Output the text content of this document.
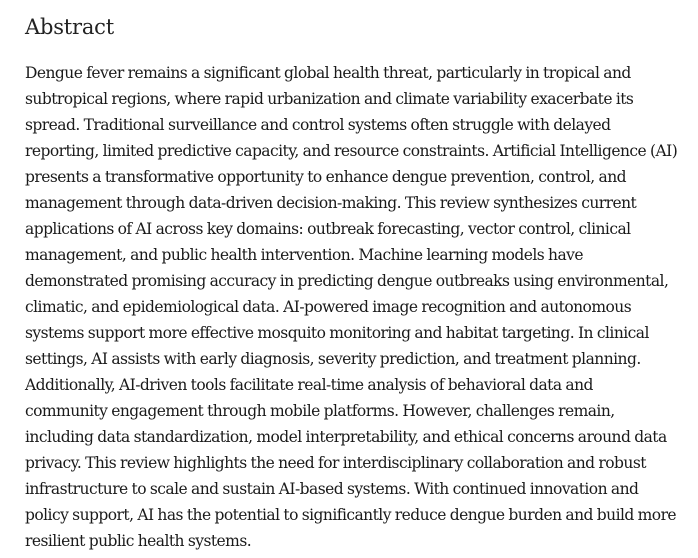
Abstract

Dengue fever remains a significant global health threat, particularly in tropical and
subtropical regions, where rapid urbanization and climate variability exacerbate its
spread. Traditional surveillance and control systems often struggle with delayed
reporting, limited predictive capacity, and resource constraints. Artificial Intelligence (AI)
presents a transformative opportunity to enhance dengue prevention, control, and
management through data-driven decision-making. This review synthesizes current
applications of AI across key domains: outbreak forecasting, vector control, clinical
management, and public health intervention. Machine learning models have
demonstrated promising accuracy in predicting dengue outbreaks using environmental,
climatic, and epidemiological data. AI-powered image recognition and autonomous
systems support more effective mosquito monitoring and habitat targeting. In clinical
settings, AI assists with early diagnosis, severity prediction, and treatment planning.
Additionally, AI-driven tools facilitate real-time analysis of behavioral data and
community engagement through mobile platforms. However, challenges remain,
including data standardization, model interpretability, and ethical concerns around data
privacy. This review highlights the need for interdisciplinary collaboration and robust
infrastructure to scale and sustain AI-based systems. With continued innovation and
policy support, AI has the potential to significantly reduce dengue burden and build more
resilient public health systems.
